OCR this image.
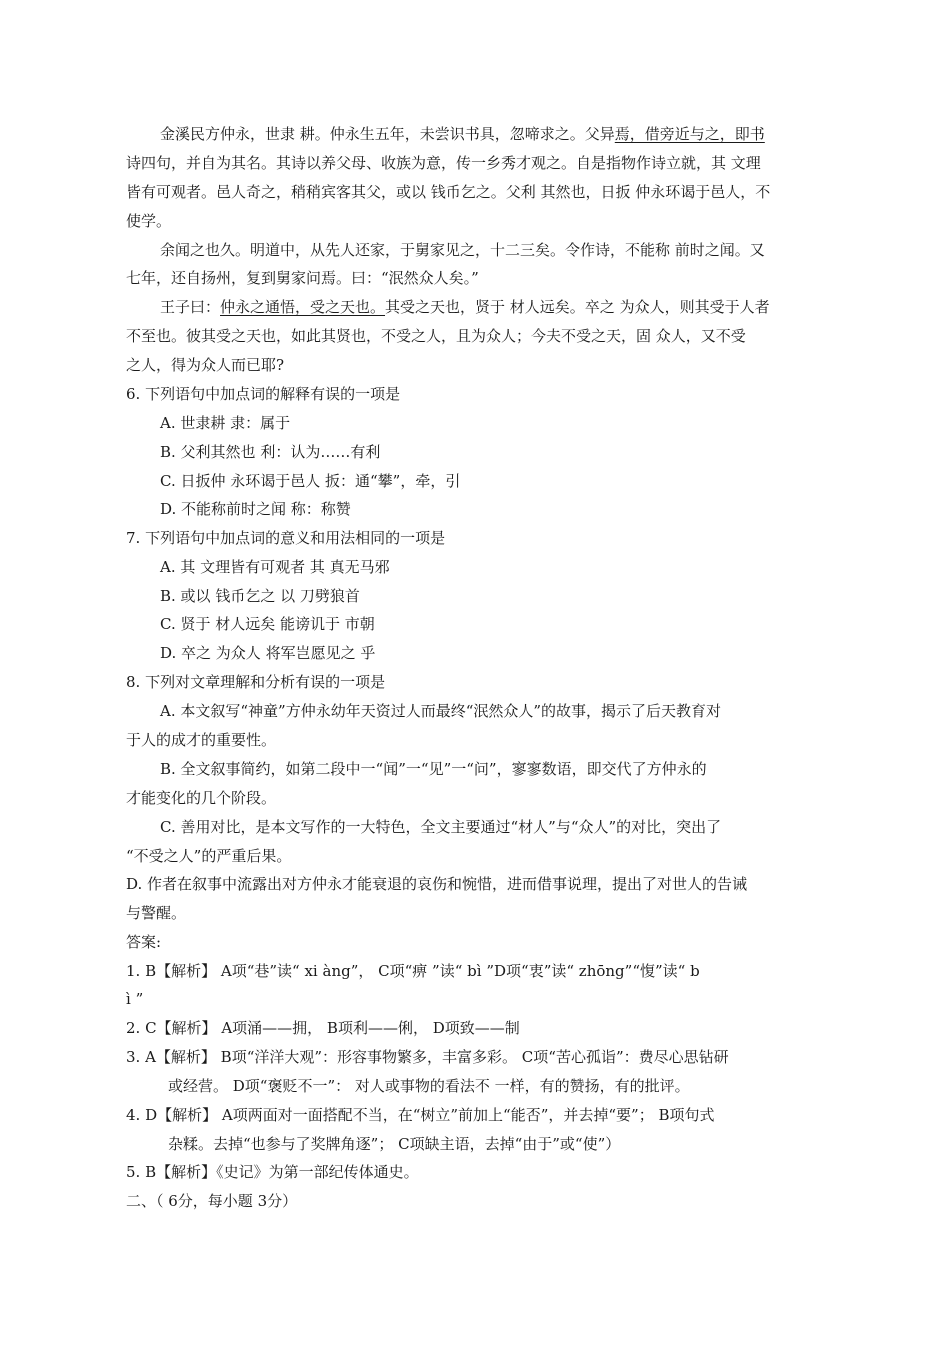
金溪民方仲永，世隶 耕。仲永生五年，未尝识书具，忽啼求之。父异焉，借旁近与之，即书
诗四句，并自为其名。其诗以养父母、收族为意，传一乡秀才观之。自是指物作诗立就，其 文理
皆有可观者。邑人奇之，稍稍宾客其父，或以 钱币乞之。父利 其然也，日扳 仲永环谒于邑人，不
使学。
余闻之也久。明道中，从先人还家，于舅家见之，十二三矣。令作诗，不能称 前时之闻。又
七年，还自扬州，复到舅家问焉。曰：“泯然众人矣。”
王子曰：仲永之通悟，受之天也。其受之天也，贤于 材人远矣。卒之 为众人，则其受于人者
不至也。彼其受之天也，如此其贤也，不受之人，且为众人；今夫不受之天，固 众人，又不受
之人，得为众人而已耶?
6. 下列语句中加点词的解释有误的一项是
A. 世隶耕 隶：属于
B. 父利其然也 利：认为……有利
C. 日扳仲 永环谒于邑人 扳：通“攀”，牵，引
D. 不能称前时之闻 称：称赞
7. 下列语句中加点词的意义和用法相同的一项是
A. 其 文理皆有可观者 其 真无马邪
B. 或以 钱币乞之 以 刀劈狼首
C. 贤于 材人远矣 能谤讥于 市朝
D. 卒之 为众人 将军岂愿见之 乎
8. 下列对文章理解和分析有误的一项是
A. 本文叙写“神童”方仲永幼年天资过人而最终“泯然众人”的故事，揭示了后天教育对
于人的成才的重要性。
B. 全文叙事简约，如第二段中一“闻”一“见”一“问”，寥寥数语，即交代了方仲永的
才能变化的几个阶段。
C. 善用对比，是本文写作的一大特色，全文主要通过“材人”与“众人”的对比，突出了
“不受之人”的严重后果。
D. 作者在叙事中流露出对方仲永才能衰退的哀伤和惋惜，进而借事说理，提出了对世人的告诫
与警醒。
答案:
1. B【解析】 A项“巷”读“ xi àng”， C项“痹 ”读“ bì ”D项“衷”读“ zhōng”“愎”读“ b
ì ”
2. C【解析】 A项涌——拥， B项利——俐， D项致——制
3. A【解析】 B项“洋洋大观”：形容事物繁多，丰富多彩。 C项“苦心孤诣”：费尽心思钻研
或经营。 D项“褒贬不一”： 对人或事物的看法不 一样，有的赞扬，有的批评。
4. D【解析】 A项两面对一面搭配不当，在“树立”前加上“能否”，并去掉“要”； B项句式
杂糅。去掉“也参与了奖牌角逐”； C项缺主语，去掉“由于”或“使”）
5. B【解析】《史记》为第一部纪传体通史。
二、（ 6分，每小题 3分）
